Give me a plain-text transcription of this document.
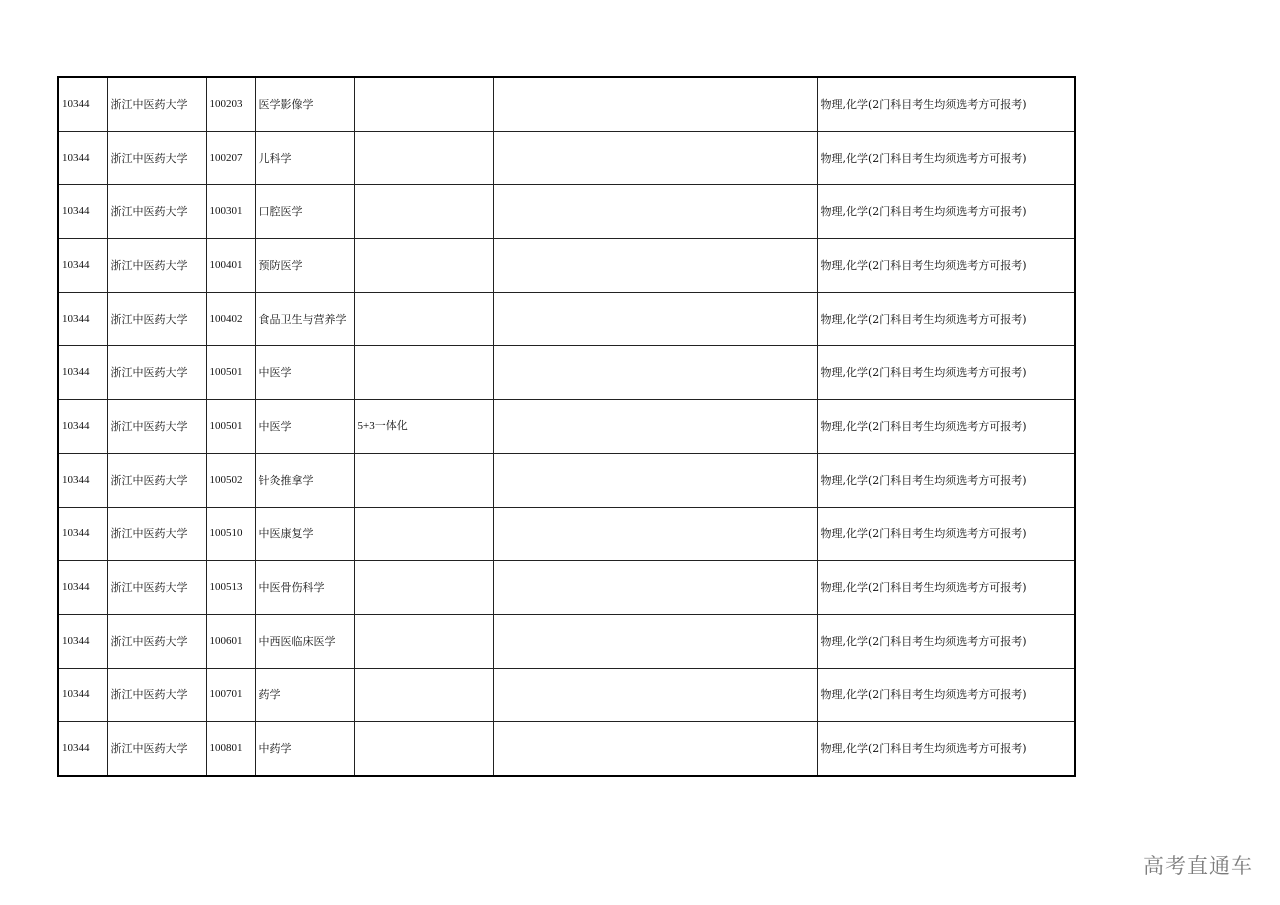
10344	浙江中医药大学	100203	医学影像学			物理,化学(2门科目考生均须选考方可报考)
10344	浙江中医药大学	100207	儿科学			物理,化学(2门科目考生均须选考方可报考)
10344	浙江中医药大学	100301	口腔医学			物理,化学(2门科目考生均须选考方可报考)
10344	浙江中医药大学	100401	预防医学			物理,化学(2门科目考生均须选考方可报考)
10344	浙江中医药大学	100402	食品卫生与营养学			物理,化学(2门科目考生均须选考方可报考)
10344	浙江中医药大学	100501	中医学			物理,化学(2门科目考生均须选考方可报考)
10344	浙江中医药大学	100501	中医学	5+3一体化		物理,化学(2门科目考生均须选考方可报考)
10344	浙江中医药大学	100502	针灸推拿学			物理,化学(2门科目考生均须选考方可报考)
10344	浙江中医药大学	100510	中医康复学			物理,化学(2门科目考生均须选考方可报考)
10344	浙江中医药大学	100513	中医骨伤科学			物理,化学(2门科目考生均须选考方可报考)
10344	浙江中医药大学	100601	中西医临床医学			物理,化学(2门科目考生均须选考方可报考)
10344	浙江中医药大学	100701	药学			物理,化学(2门科目考生均须选考方可报考)
10344	浙江中医药大学	100801	中药学			物理,化学(2门科目考生均须选考方可报考)
高考直通车
